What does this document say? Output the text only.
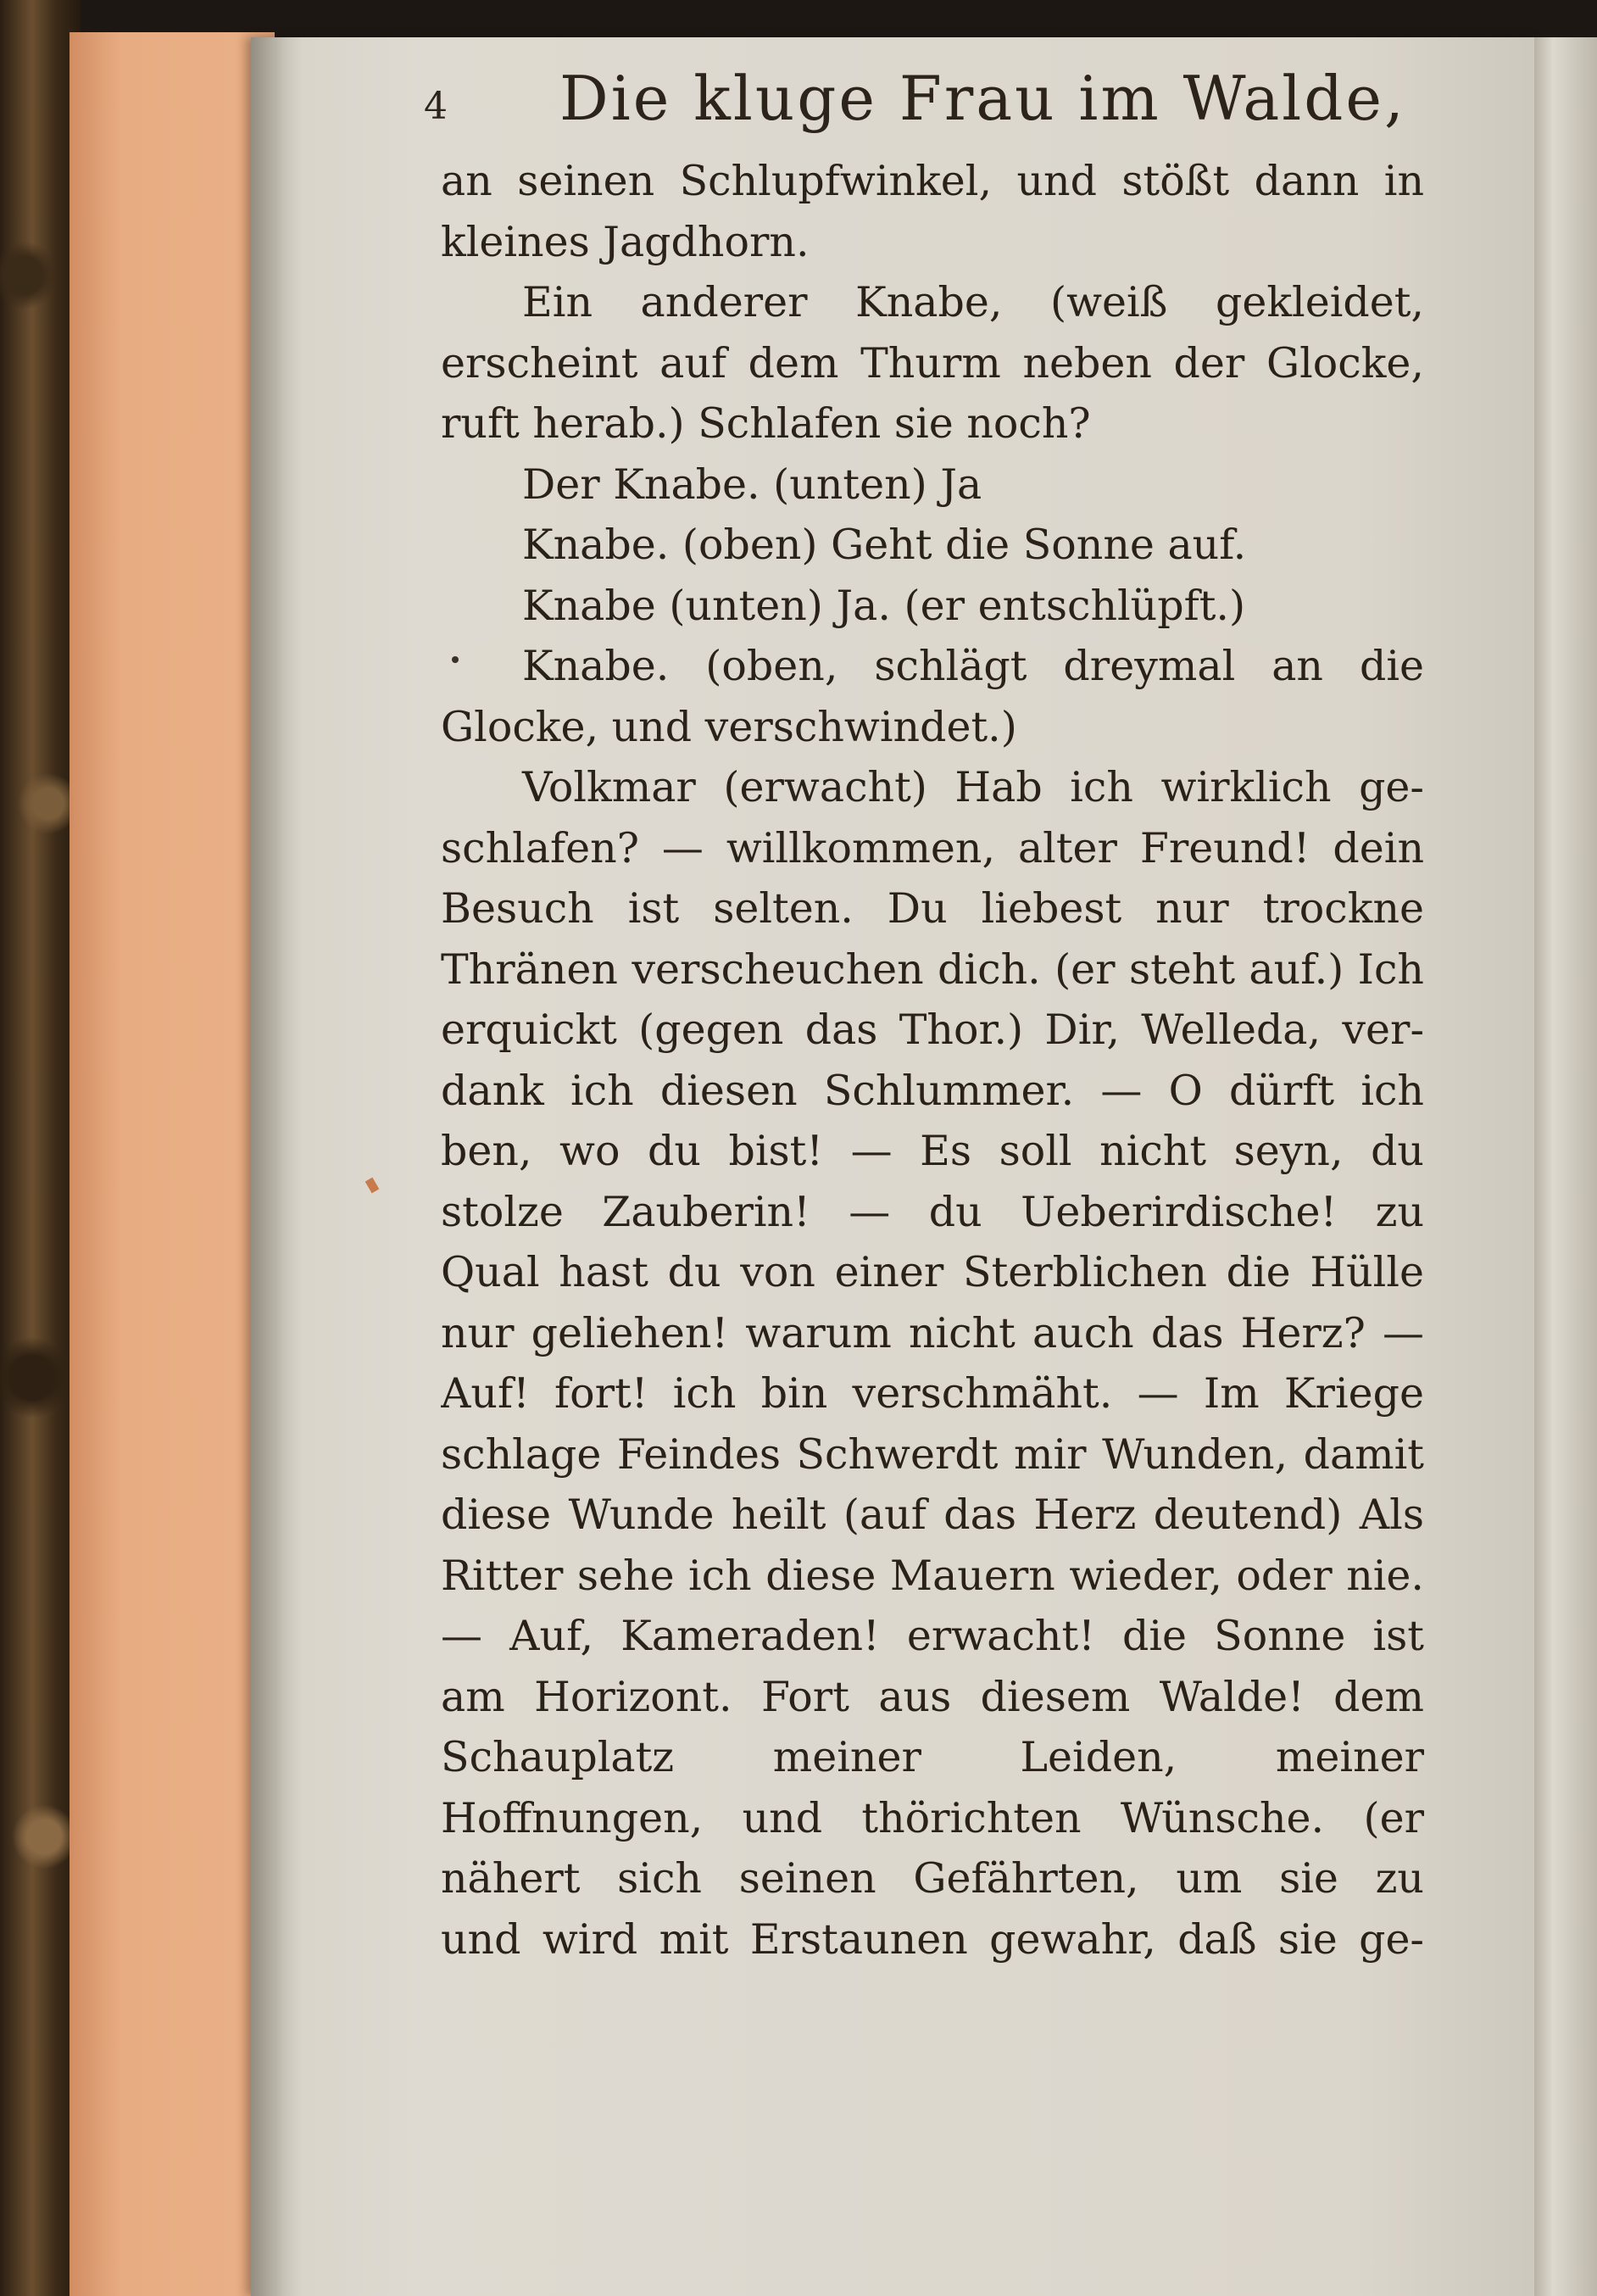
4 Die kluge Frau im Walde,
an seinen Schlupfwinkel, und stößt dann in
kleines Jagdhorn.
Ein anderer Knabe, (weiß gekleidet,
erscheint auf dem Thurm neben der Glocke,
ruft herab.) Schlafen sie noch?
Der Knabe. (unten) Ja
Knabe. (oben) Geht die Sonne auf.
Knabe (unten) Ja. (er entschlüpft.)
Knabe. (oben, schlägt dreymal an die
Glocke, und verschwindet.)
Volkmar (erwacht) Hab ich wirklich ge-
schlafen? — willkommen, alter Freund! dein
Besuch ist selten. Du liebest nur trockne
Thränen verscheuchen dich. (er steht auf.) Ich
erquickt (gegen das Thor.) Dir, Welleda, ver-
dank ich diesen Schlummer. — O dürft ich
ben, wo du bist! — Es soll nicht seyn, du
stolze Zauberin! — du Ueberirdische! zu
Qual hast du von einer Sterblichen die Hülle
nur geliehen! warum nicht auch das Herz? —
Auf! fort! ich bin verschmäht. — Im Kriege
schlage Feindes Schwerdt mir Wunden, damit
diese Wunde heilt (auf das Herz deutend) Als
Ritter sehe ich diese Mauern wieder, oder nie.
— Auf, Kameraden! erwacht! die Sonne ist
am Horizont. Fort aus diesem Walde! dem
Schauplatz meiner Leiden, meiner
Hoffnungen, und thörichten Wünsche. (er
nähert sich seinen Gefährten, um sie zu
und wird mit Erstaunen gewahr, daß sie ge-
